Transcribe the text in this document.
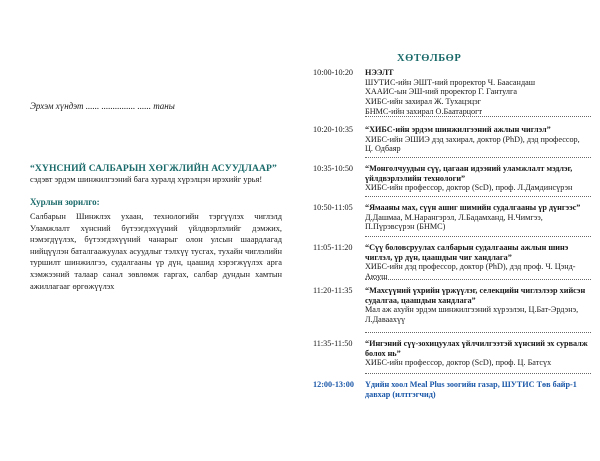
Эрхэм хүндэт ...... ............... ...... таны
“ХҮНСНИЙ САЛБАРЫН ХӨГЖЛИЙН АСУУДЛААР”
сэдэвт эрдэм шинжилгээний бага хуралд хүрэлцэн ирэхийг урья!
Хурлын зорилго:
Салбарын Шинжлэх ухаан, технологийн тэргүүлэх чиглэлд Уламжлалт хүнсний бүтээгдэхүүний үйлдвэрлэлийг дэмжих, нэмэгдүүлэх, бүтээгдэхүүний чанарыг олон улсын шаардлагад нийцүүлэн баталгаажуулах асуудлыг тэлхүү тусгах, тухайн чиглэлийн туршилт шинжилгээ, судалгааны үр дүн, цаашид хэрэгжүүлэх арга хэмжээний талаар санал зөвлөмж гаргах, салбар дундын хамтын ажиллагааг өргөжүүлэх
ХӨТӨЛБӨР
10:00-10:20	НЭЭЛТ
ШУТИС-ийн ЭШТ-ний проректор Ч. Баасандаш
ХААИС-ын ЭШ-ний проректор Г. Гантулга
ХИБС-ийн захирал Ж. Тухацэцэг
БНМС-ийн захирал О.Баатарцогт
10:20-10:35	“ХИБС-ийн эрдэм шинжилгээний ажлын чиглэл”
ХИБС-ийн ЭШИЭ дэд захирал, доктор (PhD), дэд профессор,
Ц. Одбаяр
10:35-10:50	“Монголчуудын сүү, цагаан идээний уламжлалт мэдлэг, үйлдвэрлэлийн технологи”
ХИБС-ийн профессор, доктор (ScD), проф. Л.Дамдинсүрэн
10:50-11:05	“Ямааны мах, сүүн ашиг шимийн судалгааны үр дүнгээс”
Д.Дашмаа, М.Нарангэрэл, Л.Бадамханд, Н.Чимгээ, П.Пүрэвсүрэн (БНМС)
11:05-11:20	“Сүү боловсруулах салбарын судалгааны ажлын шинэ чиглэл, үр дүн, цаашдын чиг хандлага”
ХИБС-ийн дэд профессор, доктор (PhD), дэд проф. Ч. Цэнд-Аюуш
11:20-11:35	“Махсүүний үхрийн үржүүлэг, селекцийн чиглэлээр хийсэн судалгаа, цаашдын хандлага”
Мал аж ахуйн эрдэм шинжилгээний хүрээлэн, Ц.Бат-Эрдэнэ, Л.Даваахүү
11:35-11:50	“Ингэний сүү-зохицуулах үйлчилгээтэй хүнсний эх сурвалж болох нь”
ХИБС-ийн профессор, доктор (ScD), проф. Ц. Батсүх
12:00-13:00	Үдийн хоол Meal Plus зоогийн газар, ШУТИС Төв байр-1 давхар (илтгэгчид)
